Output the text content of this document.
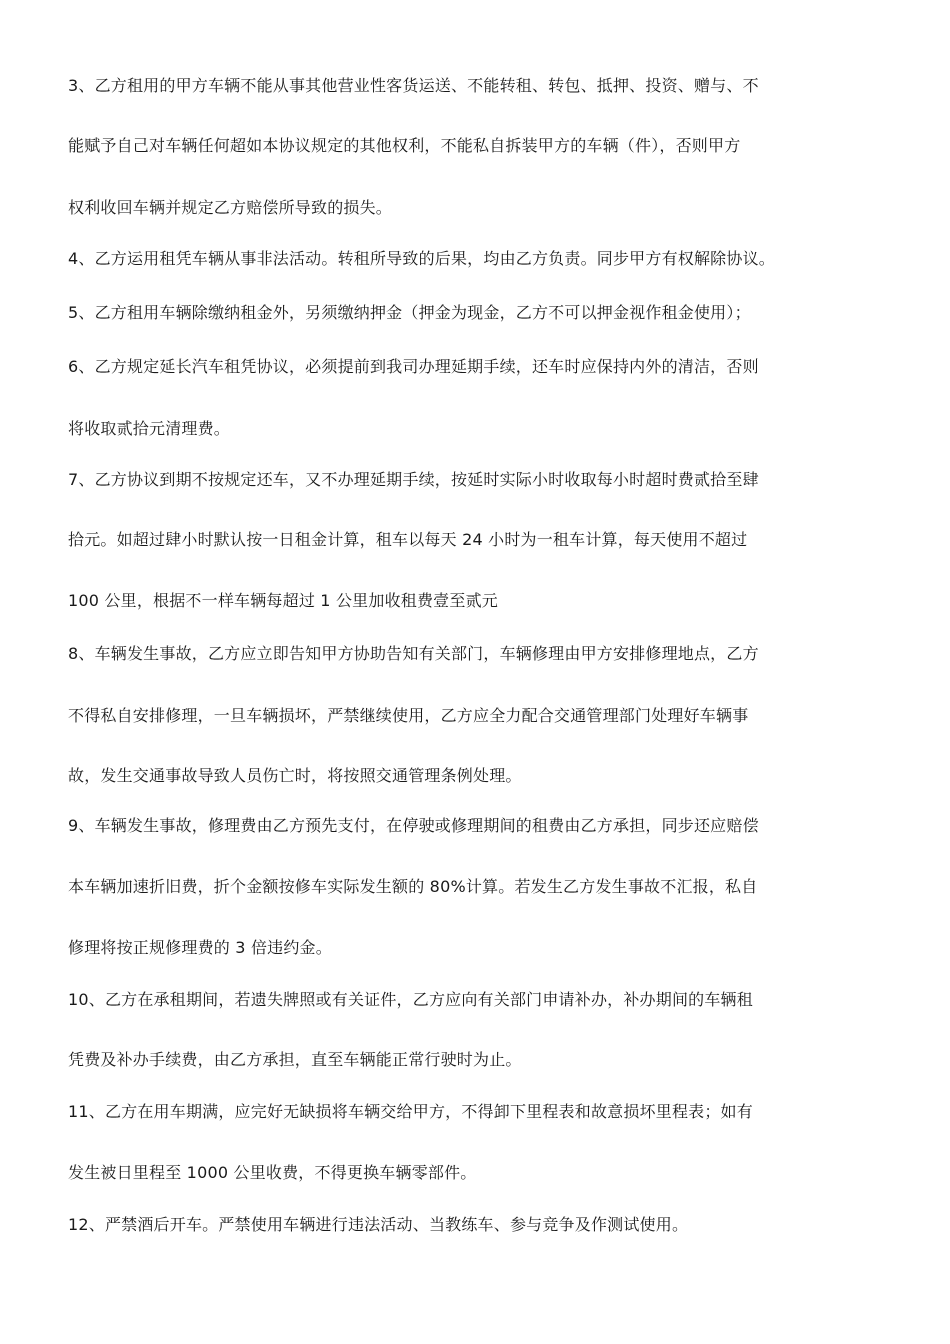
3、乙方租用的甲方车辆不能从事其他营业性客货运送、不能转租、转包、抵押、投资、赠与、不
能赋予自己对车辆任何超如本协议规定的其他权利，不能私自拆装甲方的车辆（件），否则甲方
权利收回车辆并规定乙方赔偿所导致的损失。
4、乙方运用租凭车辆从事非法活动。转租所导致的后果，均由乙方负责。同步甲方有权解除协议。
5、乙方租用车辆除缴纳租金外，另须缴纳押金（押金为现金，乙方不可以押金视作租金使用）；
6、乙方规定延长汽车租凭协议，必须提前到我司办理延期手续，还车时应保持内外的清洁，否则
将收取贰拾元清理费。
7、乙方协议到期不按规定还车，又不办理延期手续，按延时实际小时收取每小时超时费贰拾至肆
拾元。如超过肆小时默认按一日租金计算，租车以每天 24 小时为一租车计算，每天使用不超过
100 公里，根据不一样车辆每超过 1 公里加收租费壹至贰元
8、车辆发生事故，乙方应立即告知甲方协助告知有关部门，车辆修理由甲方安排修理地点，乙方
不得私自安排修理，一旦车辆损坏，严禁继续使用，乙方应全力配合交通管理部门处理好车辆事
故，发生交通事故导致人员伤亡时，将按照交通管理条例处理。
9、车辆发生事故，修理费由乙方预先支付，在停驶或修理期间的租费由乙方承担，同步还应赔偿
本车辆加速折旧费，折个金额按修车实际发生额的 80%计算。若发生乙方发生事故不汇报，私自
修理将按正规修理费的 3 倍违约金。
10、乙方在承租期间，若遗失牌照或有关证件，乙方应向有关部门申请补办，补办期间的车辆租
凭费及补办手续费，由乙方承担，直至车辆能正常行驶时为止。
11、乙方在用车期满，应完好无缺损将车辆交给甲方，不得卸下里程表和故意损坏里程表；如有
发生被日里程至 1000 公里收费，不得更换车辆零部件。
12、严禁酒后开车。严禁使用车辆进行违法活动、当教练车、参与竞争及作测试使用。
